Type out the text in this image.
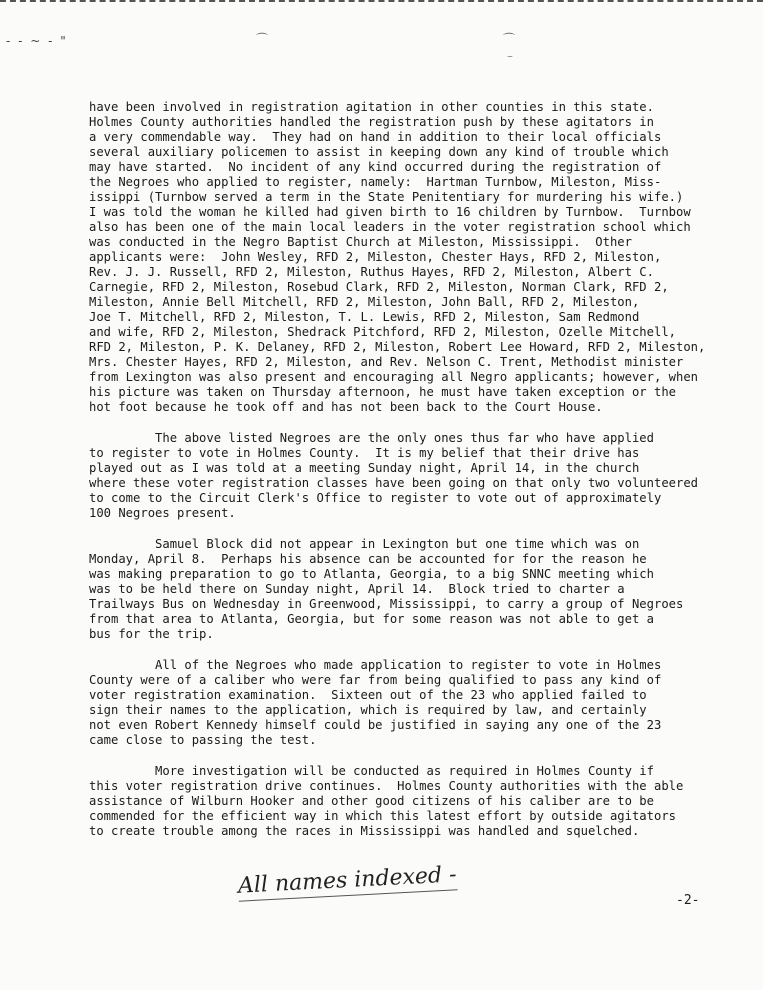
- - ~ - "	⌒	⌒
⌣

have been involved in registration agitation in other counties in this state.
Holmes County authorities handled the registration push by these agitators in
a very commendable way.  They had on hand in addition to their local officials
several auxiliary policemen to assist in keeping down any kind of trouble which
may have started.  No incident of any kind occurred during the registration of
the Negroes who applied to register, namely:  Hartman Turnbow, Mileston, Miss-
issippi (Turnbow served a term in the State Penitentiary for murdering his wife.)
I was told the woman he killed had given birth to 16 children by Turnbow.  Turnbow
also has been one of the main local leaders in the voter registration school which
was conducted in the Negro Baptist Church at Mileston, Mississippi.  Other
applicants were:  John Wesley, RFD 2, Mileston, Chester Hays, RFD 2, Mileston,
Rev. J. J. Russell, RFD 2, Mileston, Ruthus Hayes, RFD 2, Mileston, Albert C.
Carnegie, RFD 2, Mileston, Rosebud Clark, RFD 2, Mileston, Norman Clark, RFD 2,
Mileston, Annie Bell Mitchell, RFD 2, Mileston, John Ball, RFD 2, Mileston,
Joe T. Mitchell, RFD 2, Mileston, T. L. Lewis, RFD 2, Mileston, Sam Redmond
and wife, RFD 2, Mileston, Shedrack Pitchford, RFD 2, Mileston, Ozelle Mitchell,
RFD 2, Mileston, P. K. Delaney, RFD 2, Mileston, Robert Lee Howard, RFD 2, Mileston,
Mrs. Chester Hayes, RFD 2, Mileston, and Rev. Nelson C. Trent, Methodist minister
from Lexington was also present and encouraging all Negro applicants; however, when
his picture was taken on Thursday afternoon, he must have taken exception or the
hot foot because he took off and has not been back to the Court House.

The above listed Negroes are the only ones thus far who have applied
to register to vote in Holmes County.  It is my belief that their drive has
played out as I was told at a meeting Sunday night, April 14, in the church
where these voter registration classes have been going on that only two volunteered
to come to the Circuit Clerk's Office to register to vote out of approximately
100 Negroes present.

Samuel Block did not appear in Lexington but one time which was on
Monday, April 8.  Perhaps his absence can be accounted for for the reason he
was making preparation to go to Atlanta, Georgia, to a big SNNC meeting which
was to be held there on Sunday night, April 14.  Block tried to charter a
Trailways Bus on Wednesday in Greenwood, Mississippi, to carry a group of Negroes
from that area to Atlanta, Georgia, but for some reason was not able to get a
bus for the trip.

All of the Negroes who made application to register to vote in Holmes
County were of a caliber who were far from being qualified to pass any kind of
voter registration examination.  Sixteen out of the 23 who applied failed to
sign their names to the application, which is required by law, and certainly
not even Robert Kennedy himself could be justified in saying any one of the 23
came close to passing the test.

More investigation will be conducted as required in Holmes County if
this voter registration drive continues.  Holmes County authorities with the able
assistance of Wilburn Hooker and other good citizens of his caliber are to be
commended for the efficient way in which this latest effort by outside agitators
to create trouble among the races in Mississippi was handled and squelched.

All names indexed -
-2-
